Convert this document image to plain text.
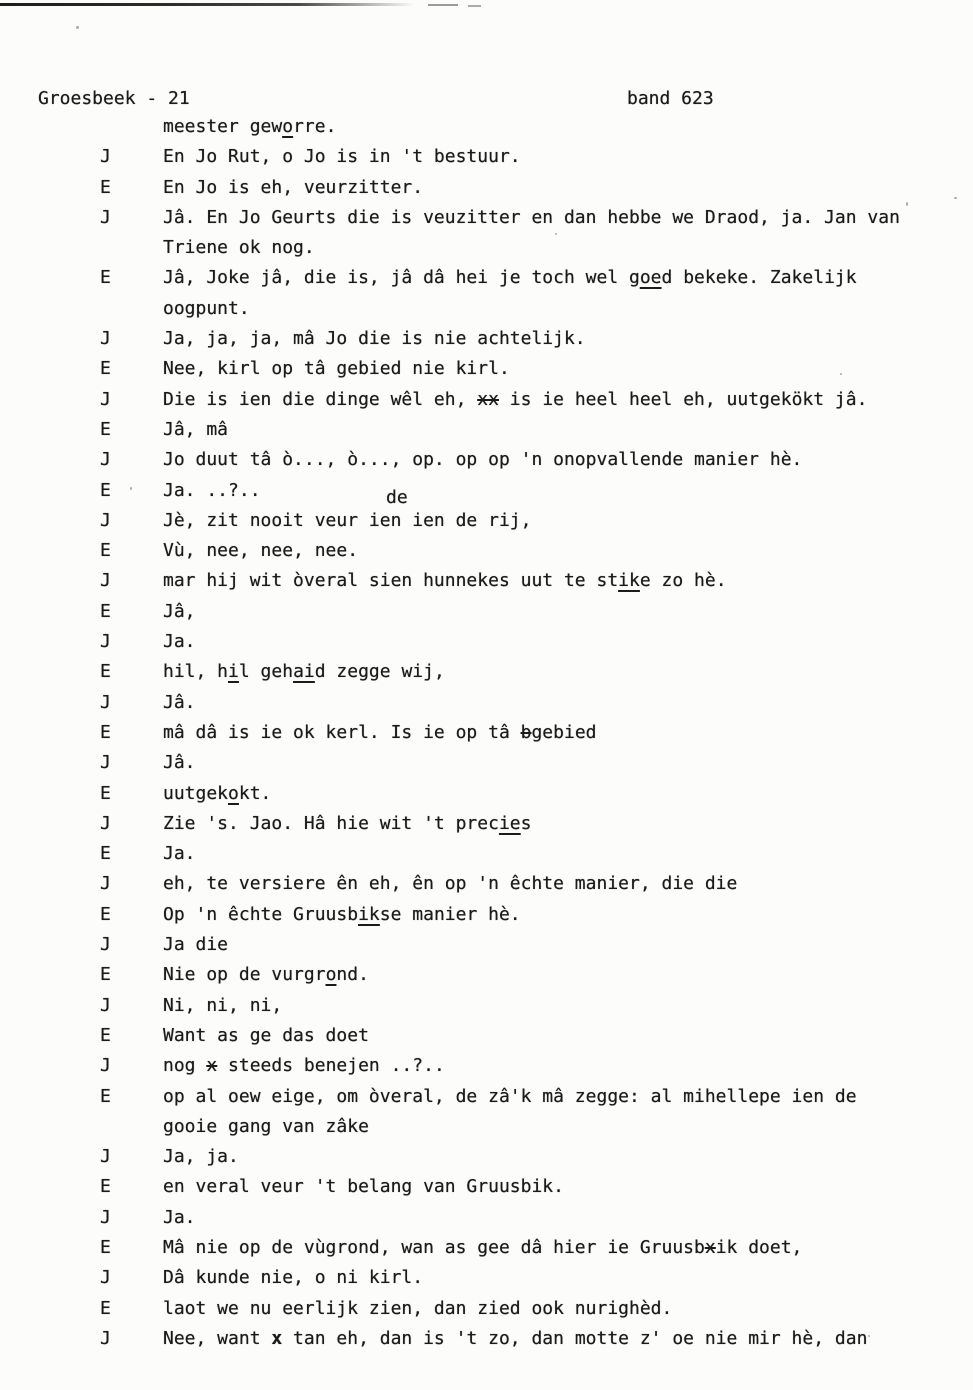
Groesbeek - 21	band 623
meester geworre.
J	En Jo Rut, o Jo is in 't bestuur.
E	En Jo is eh, veurzitter.
J	Jâ. En Jo Geurts die is veuzitter en dan hebbe we Draod, ja. Jan van
Triene ok nog.
E	Jâ, Joke jâ, die is, jâ dâ hei je toch wel goed bekeke. Zakelijk
oogpunt.
J	Ja, ja, ja, mâ Jo die is nie achtelijk.
E	Nee, kirl op tâ gebied nie kirl.
J	Die is ien die dinge wêl eh, xx is ie heel heel eh, uutgekökt jâ.
E	Jâ, mâ
J	Jo duut tâ ò..., ò..., op. op op 'n onopvallende manier hè.
E	Ja. ..?..
J	Jè, zit nooit veur ien ien de rij,
E	Vù, nee, nee, nee.
J	mar hij wit òveral sien hunnekes uut te stike zo hè.
E	Jâ,
J	Ja.
E	hil, hil gehaid zegge wij,
J	Jâ.
E	mâ dâ is ie ok kerl. Is ie op tâ bgebied
J	Jâ.
E	uutgekokt.
J	Zie 's. Jao. Hâ hie wit 't precies
E	Ja.
J	eh, te versiere ên eh, ên op 'n êchte manier, die die
E	Op 'n êchte Gruusbikse manier hè.
J	Ja die
E	Nie op de vurgrond.
J	Ni, ni, ni,
E	Want as ge das doet
J	nog x steeds benejen ..?..
E	op al oew eige, om òveral, de zâ'k mâ zegge: al mihellepe ien de
gooie gang van zâke
J	Ja, ja.
E	en veral veur 't belang van Gruusbik.
J	Ja.
E	Mâ nie op de vùgrond, wan as gee dâ hier ie Gruusbxik doet,
J	Dâ kunde nie, o ni kirl.
E	laot we nu eerlijk zien, dan zied ook nurighèd.
J	Nee, want x tan eh, dan is 't zo, dan motte z' oe nie mir hè, dan
de
